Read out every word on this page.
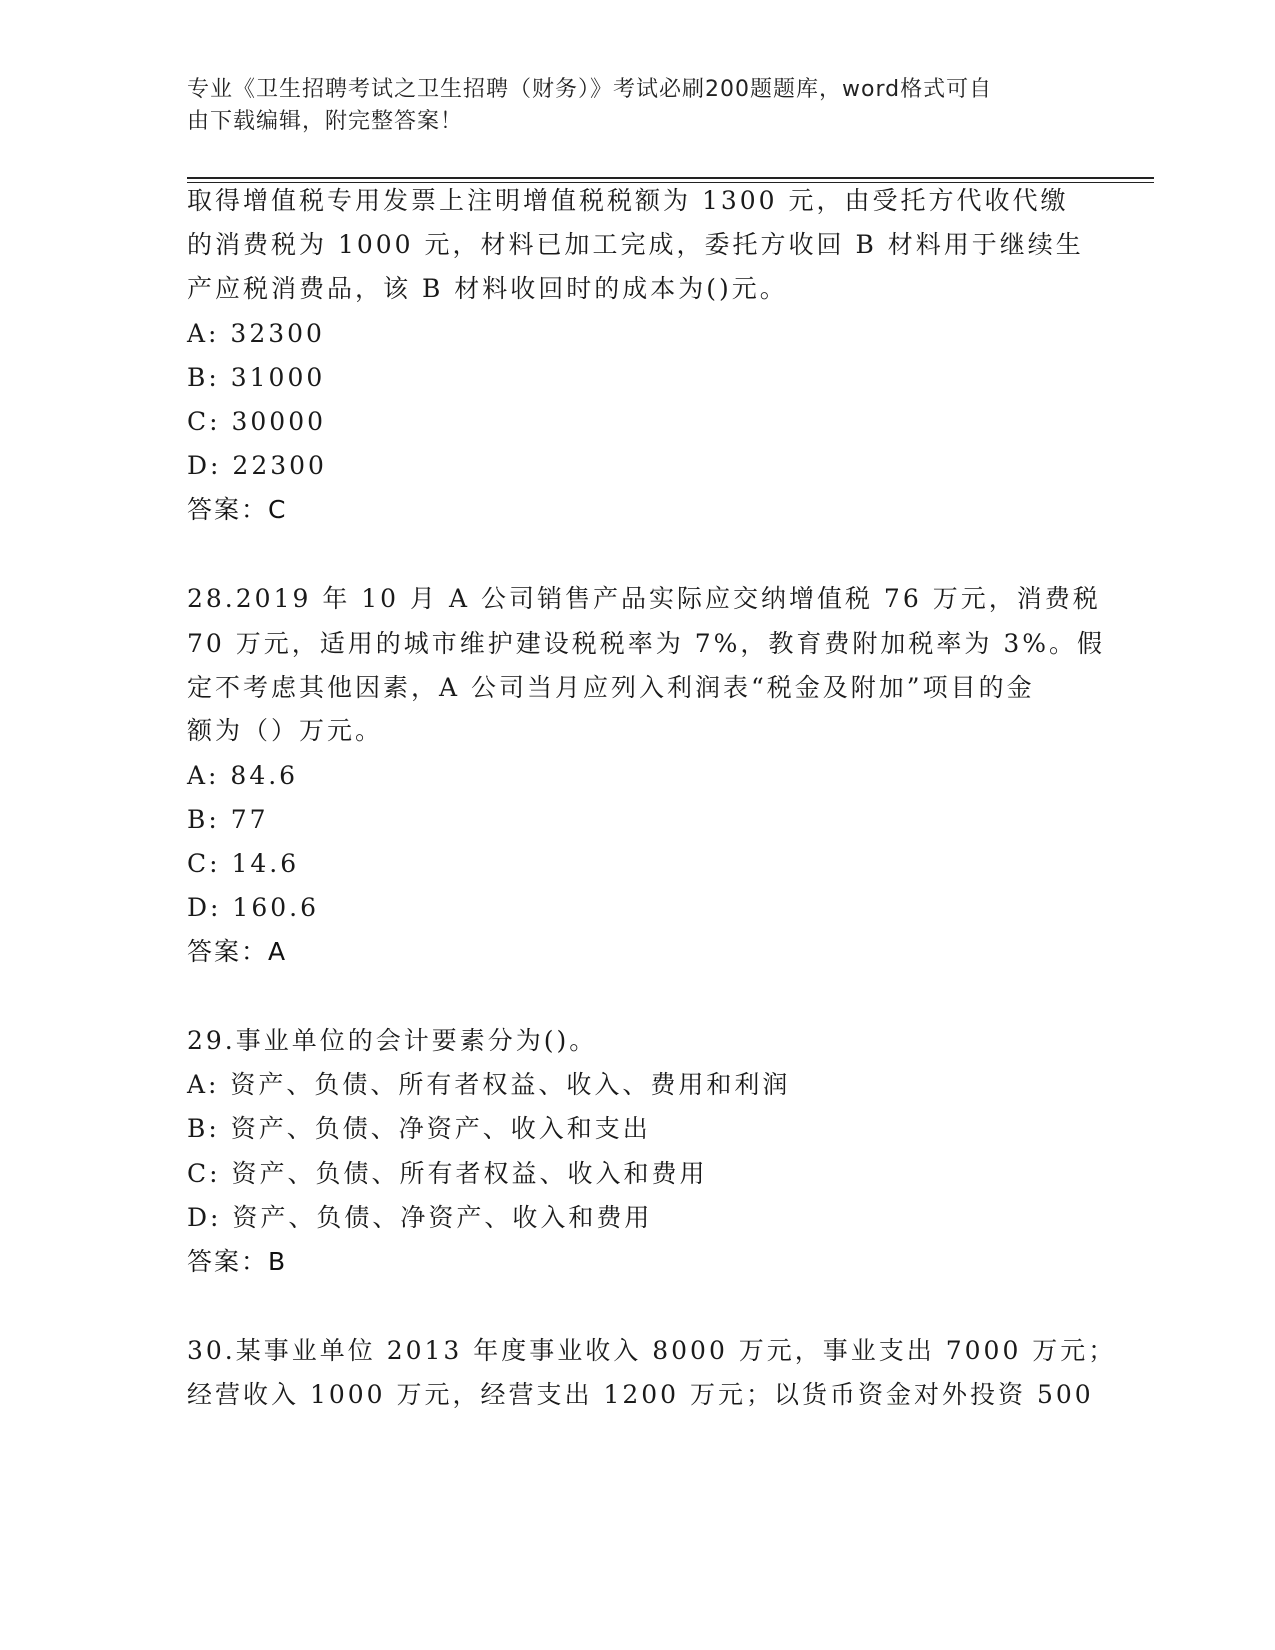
专业《卫生招聘考试之卫生招聘（财务）》考试必刷200题题库，word格式可自
由下载编辑，附完整答案！
取得增值税专用发票上注明增值税税额为 1300 元，由受托方代收代缴
的消费税为 1000 元，材料已加工完成，委托方收回 B 材料用于继续生
产应税消费品，该 B 材料收回时的成本为()元。
A: 32300
B: 31000
C: 30000
D: 22300
答案：C
28.2019 年 10 月 A 公司销售产品实际应交纳增值税 76 万元，消费税
70 万元，适用的城市维护建设税税率为 7%，教育费附加税率为 3%。假
定不考虑其他因素，A 公司当月应列入利润表“税金及附加”项目的金
额为（）万元。
A: 84.6
B: 77
C: 14.6
D: 160.6
答案：A
29.事业单位的会计要素分为()。
A: 资产、负债、所有者权益、收入、费用和利润
B: 资产、负债、净资产、收入和支出
C: 资产、负债、所有者权益、收入和费用
D: 资产、负债、净资产、收入和费用
答案：B
30.某事业单位 2013 年度事业收入 8000 万元，事业支出 7000 万元；
经营收入 1000 万元，经营支出 1200 万元；以货币资金对外投资 500
